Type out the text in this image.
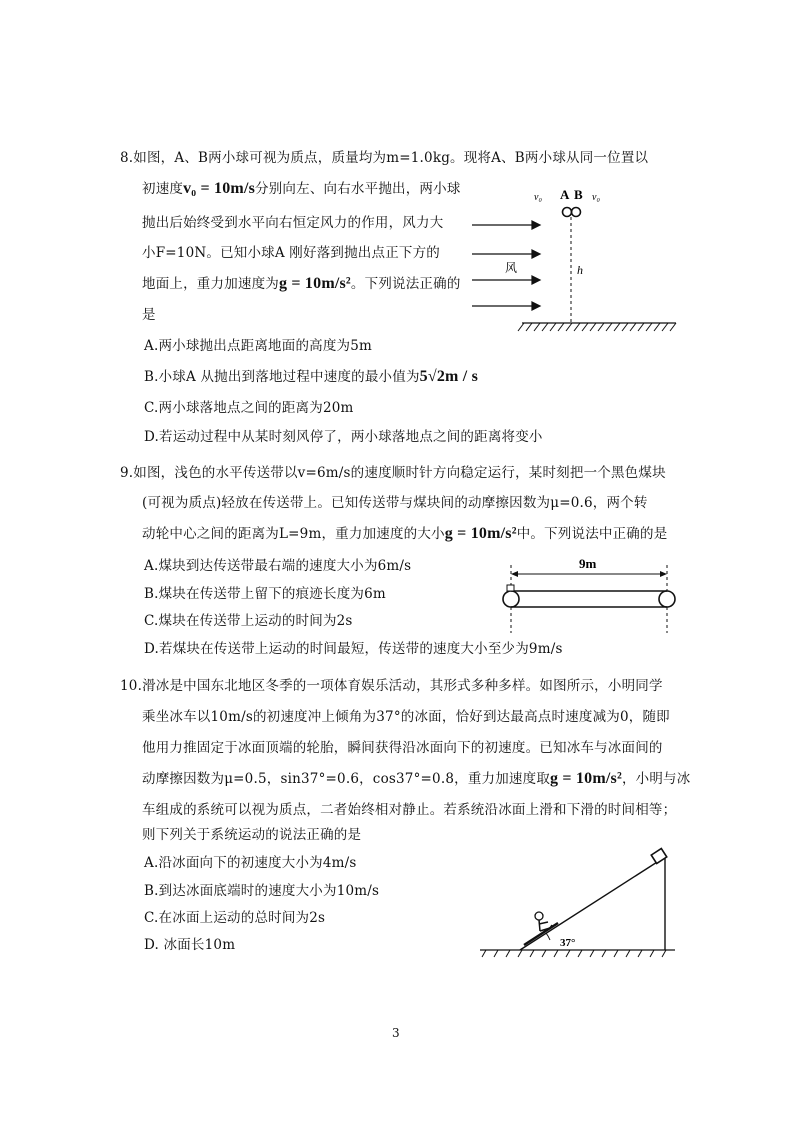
8.如图，A、B两小球可视为质点，质量均为m=1.0kg。现将A、B两小球从同一位置以
初速度v₀ = 10m/s分别向左、向右水平抛出，两小球
抛出后始终受到水平向右恒定风力的作用，风力大
小F=10N。已知小球A 刚好落到抛出点正下方的
地面上，重力加速度为g = 10m/s²。下列说法正确的
是
A.两小球抛出点距离地面的高度为5m
B.小球A 从抛出到落地过程中速度的最小值为5√2m / s
C.两小球落地点之间的距离为20m
D.若运动过程中从某时刻风停了，两小球落地点之间的距离将变小
v₀ A B v₀
风	h
9.如图，浅色的水平传送带以v=6m/s的速度顺时针方向稳定运行，某时刻把一个黑色煤块
(可视为质点)轻放在传送带上。已知传送带与煤块间的动摩擦因数为μ=0.6，两个转
动轮中心之间的距离为L=9m，重力加速度的大小g = 10m/s²中。下列说法中正确的是
A.煤块到达传送带最右端的速度大小为6m/s
B.煤块在传送带上留下的痕迹长度为6m
C.煤块在传送带上运动的时间为2s
D.若煤块在传送带上运动的时间最短，传送带的速度大小至少为9m/s
9m
10.滑冰是中国东北地区冬季的一项体育娱乐活动，其形式多种多样。如图所示，小明同学
乘坐冰车以10m/s的初速度冲上倾角为37°的冰面，恰好到达最高点时速度减为0，随即
他用力推固定于冰面顶端的轮胎，瞬间获得沿冰面向下的初速度。已知冰车与冰面间的
动摩擦因数为μ=0.5，sin37°=0.6，cos37°=0.8，重力加速度取g = 10m/s²，小明与冰
车组成的系统可以视为质点，二者始终相对静止。若系统沿冰面上滑和下滑的时间相等；
则下列关于系统运动的说法正确的是
A.沿冰面向下的初速度大小为4m/s
B.到达冰面底端时的速度大小为10m/s
C.在冰面上运动的总时间为2s
D. 冰面长10m	37°
3
